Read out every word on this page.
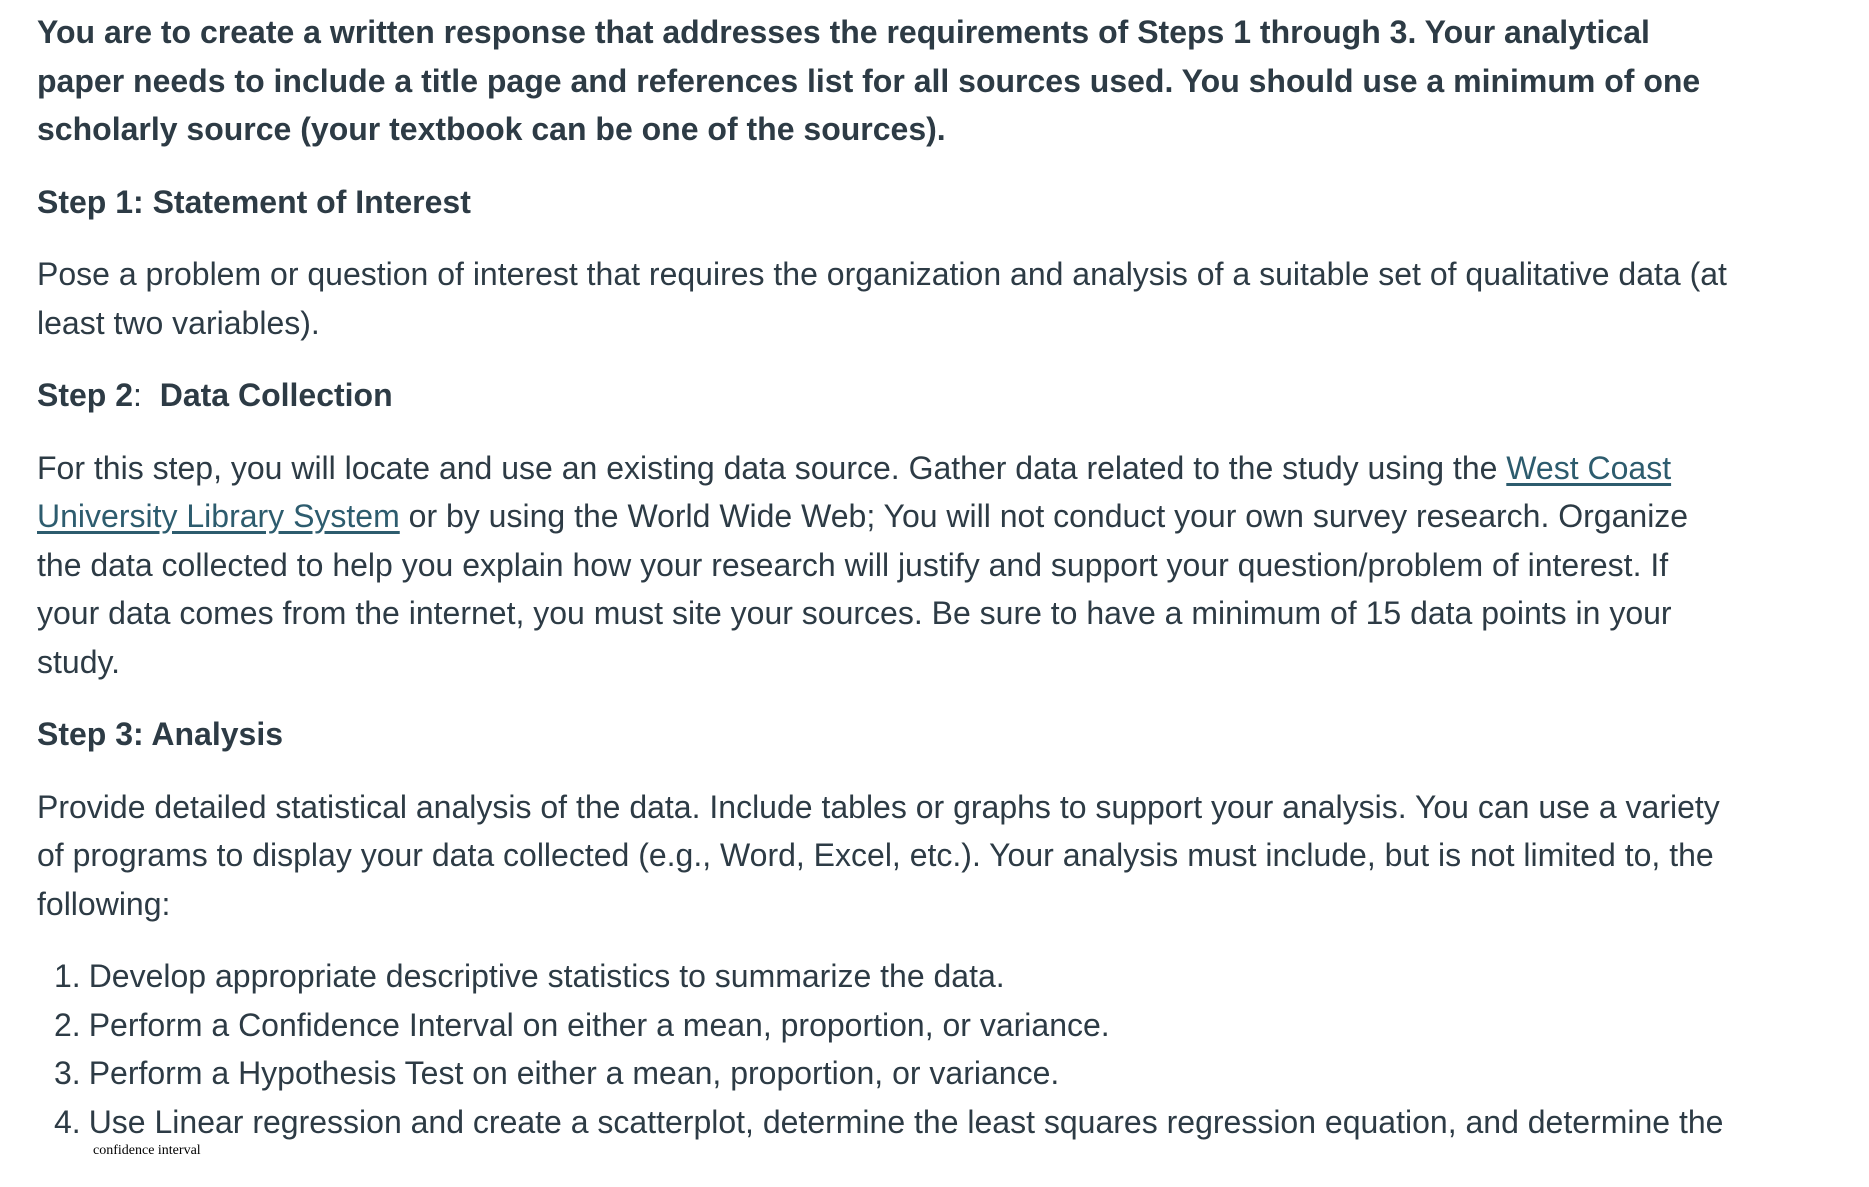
You are to create a written response that addresses the requirements of Steps 1 through 3. Your analytical paper needs to include a title page and references list for all sources used. You should use a minimum of one scholarly source (your textbook can be one of the sources).

Step 1: Statement of Interest

Pose a problem or question of interest that requires the organization and analysis of a suitable set of qualitative data (at least two variables).

Step 2:  Data Collection

For this step, you will locate and use an existing data source. Gather data related to the study using the West Coast University Library System or by using the World Wide Web; You will not conduct your own survey research. Organize the data collected to help you explain how your research will justify and support your question/problem of interest. If your data comes from the internet, you must site your sources. Be sure to have a minimum of 15 data points in your study.

Step 3: Analysis

Provide detailed statistical analysis of the data. Include tables or graphs to support your analysis. You can use a variety of programs to display your data collected (e.g., Word, Excel, etc.). Your analysis must include, but is not limited to, the following:

1. Develop appropriate descriptive statistics to summarize the data.
2. Perform a Confidence Interval on either a mean, proportion, or variance.
3. Perform a Hypothesis Test on either a mean, proportion, or variance.
4. Use Linear regression and create a scatterplot, determine the least squares regression equation, and determine the
confidence interval
